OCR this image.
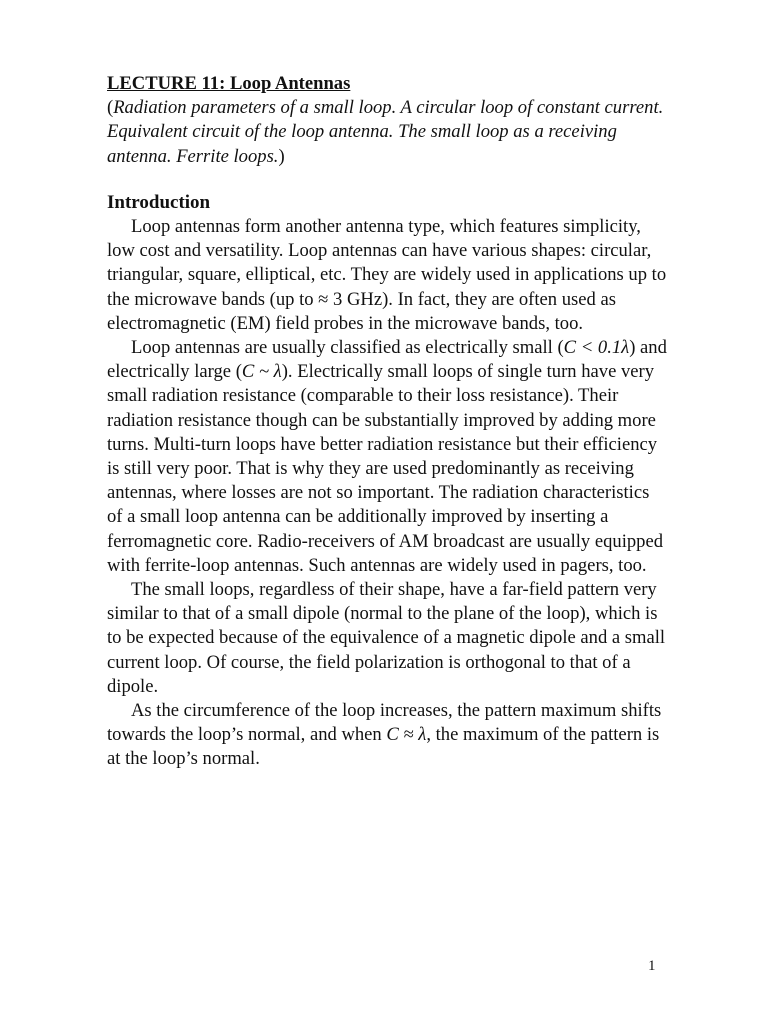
LECTURE 11: Loop Antennas

(Radiation parameters of a small loop. A circular loop of constant current. Equivalent circuit of the loop antenna. The small loop as a receiving antenna. Ferrite loops.)

Introduction

Loop antennas form another antenna type, which features simplicity, low cost and versatility. Loop antennas can have various shapes: circular, triangular, square, elliptical, etc. They are widely used in applications up to the microwave bands (up to ≈ 3 GHz). In fact, they are often used as electromagnetic (EM) field probes in the microwave bands, too.

Loop antennas are usually classified as electrically small (C < 0.1λ) and electrically large (C ~ λ). Electrically small loops of single turn have very small radiation resistance (comparable to their loss resistance). Their radiation resistance though can be substantially improved by adding more turns. Multi-turn loops have better radiation resistance but their efficiency is still very poor. That is why they are used predominantly as receiving antennas, where losses are not so important. The radiation characteristics of a small loop antenna can be additionally improved by inserting a ferromagnetic core. Radio-receivers of AM broadcast are usually equipped with ferrite-loop antennas. Such antennas are widely used in pagers, too.

The small loops, regardless of their shape, have a far-field pattern very similar to that of a small dipole (normal to the plane of the loop), which is to be expected because of the equivalence of a magnetic dipole and a small current loop. Of course, the field polarization is orthogonal to that of a dipole.

As the circumference of the loop increases, the pattern maximum shifts towards the loop’s normal, and when C ≈ λ, the maximum of the pattern is at the loop’s normal.

1
